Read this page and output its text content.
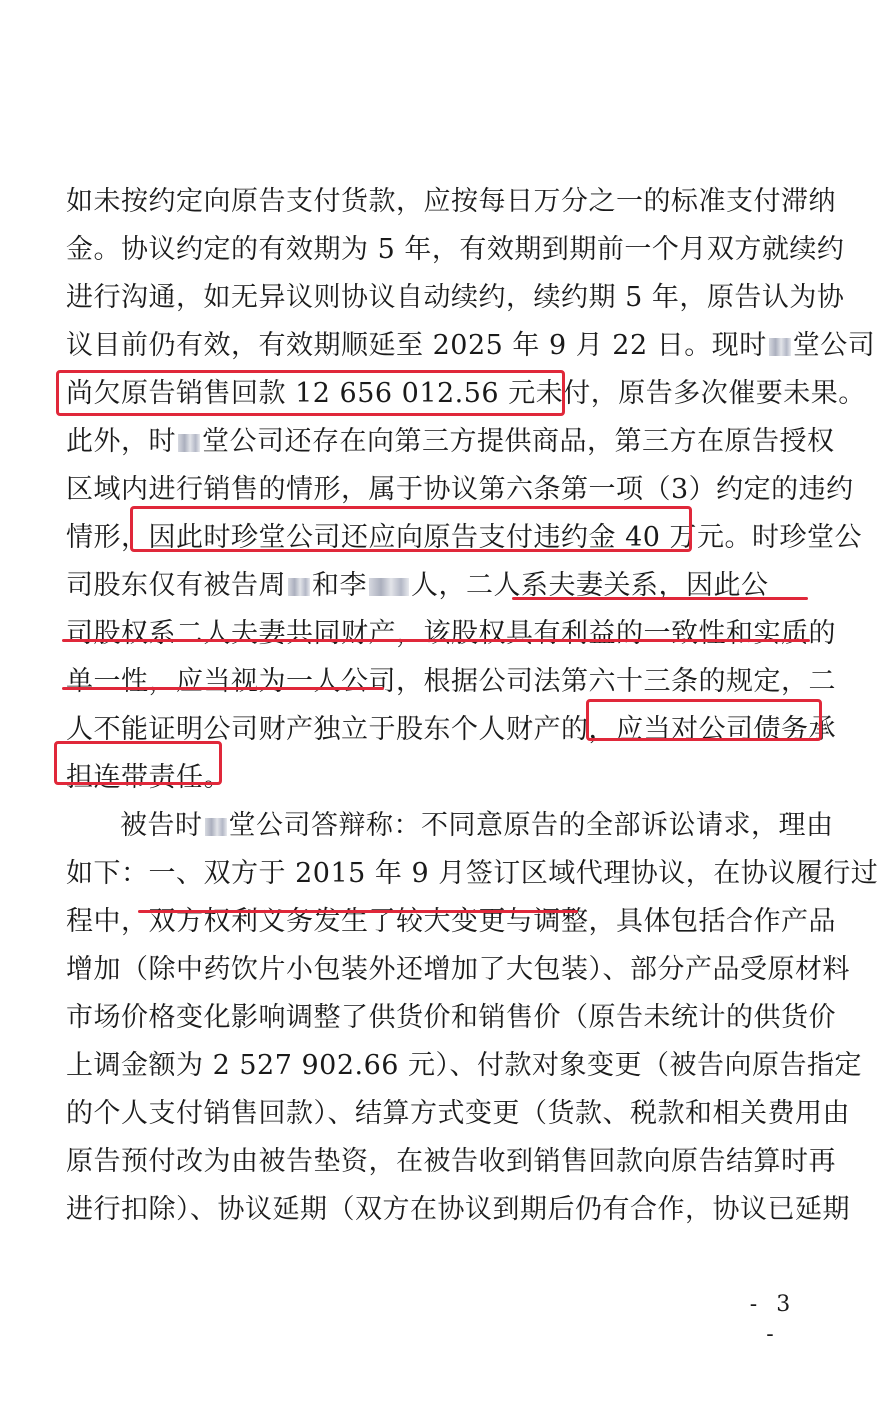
如未按约定向原告支付货款，应按每日万分之一的标准支付滞纳
金。协议约定的有效期为 5 年，有效期到期前一个月双方就续约
进行沟通，如无异议则协议自动续约，续约期 5 年，原告认为协
议目前仍有效，有效期顺延至 2025 年 9 月 22 日。现时 堂公司
尚欠原告销售回款 12 656 012.56 元未付，原告多次催要未果。
此外，时 堂公司还存在向第三方提供商品，第三方在原告授权
区域内进行销售的情形，属于协议第六条第一项（3）约定的违约
情形，因此时珍堂公司还应向原告支付违约金 40 万元。时珍堂公
司股东仅有被告周 和李 人，二人系夫妻关系，因此公
司股权系二人夫妻共同财产，该股权具有利益的一致性和实质的
单一性，应当视为一人公司，根据公司法第六十三条的规定，二
人不能证明公司财产独立于股东个人财产的，应当对公司债务承
担连带责任。
被告时 堂公司答辩称：不同意原告的全部诉讼请求，理由
如下：一、双方于 2015 年 9 月签订区域代理协议，在协议履行过
程中，双方权利义务发生了较大变更与调整，具体包括合作产品
增加（除中药饮片小包装外还增加了大包装）、部分产品受原材料
市场价格变化影响调整了供货价和销售价（原告未统计的供货价
上调金额为 2 527 902.66 元）、付款对象变更（被告向原告指定
的个人支付销售回款）、结算方式变更（货款、税款和相关费用由
原告预付改为由被告垫资，在被告收到销售回款向原告结算时再
进行扣除）、协议延期（双方在协议到期后仍有合作，协议已延期
- 3 -
